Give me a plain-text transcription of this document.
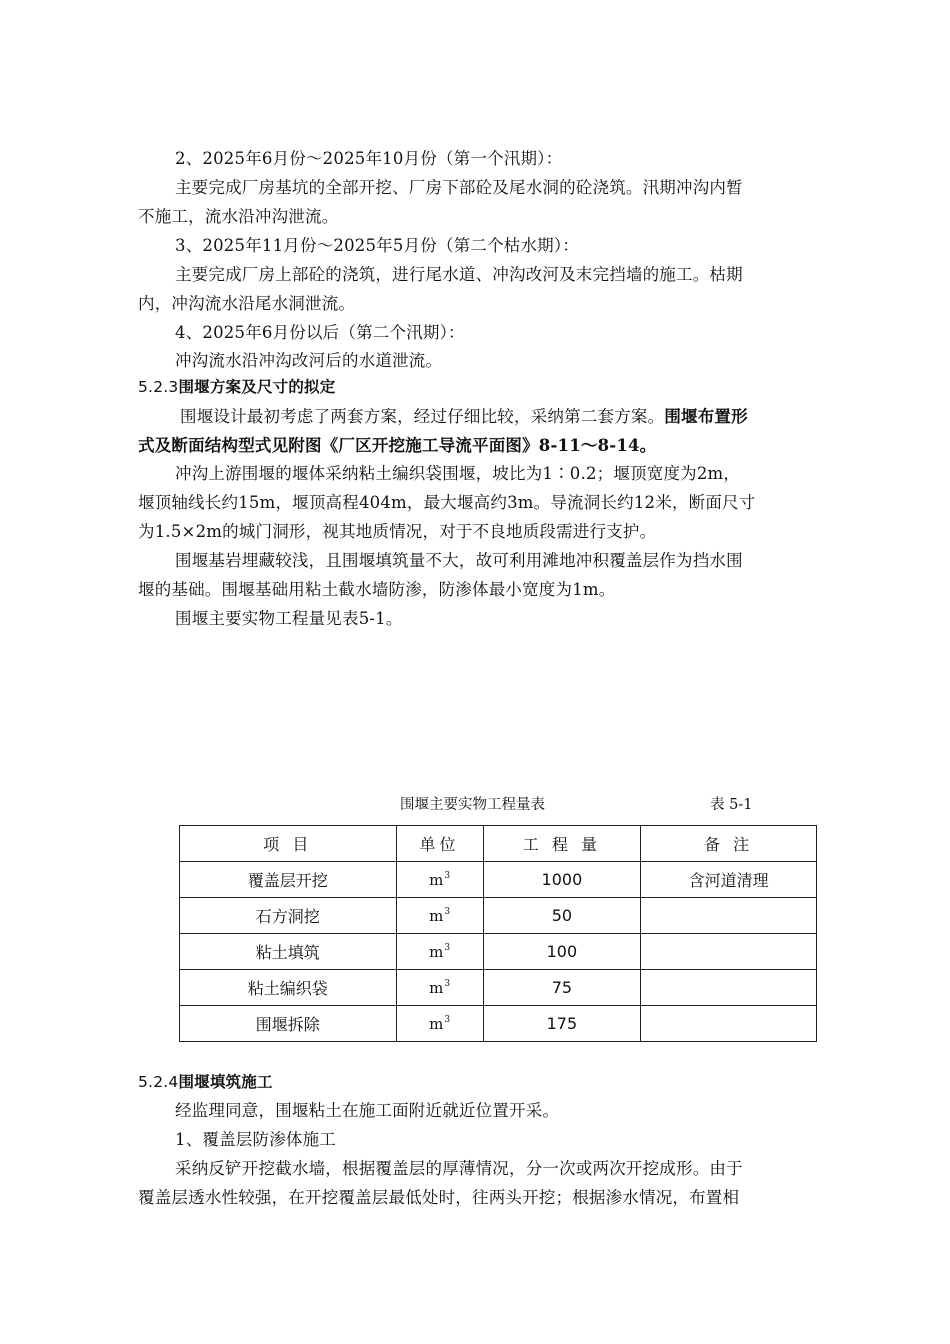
2、2025年6月份～2025年10月份（第一个汛期）：
主要完成厂房基坑的全部开挖、厂房下部砼及尾水洞的砼浇筑。汛期冲沟内暂
不施工，流水沿冲沟泄流。
3、2025年11月份～2025年5月份（第二个枯水期）：
主要完成厂房上部砼的浇筑，进行尾水道、冲沟改河及末完挡墙的施工。枯期
内，冲沟流水沿尾水洞泄流。
4、2025年6月份以后（第二个汛期）：
冲沟流水沿冲沟改河后的水道泄流。
5.2.3围堰方案及尺寸的拟定
围堰设计最初考虑了两套方案，经过仔细比较，采纳第二套方案。围堰布置形
式及断面结构型式见附图《厂区开挖施工导流平面图》8-11～8-14。
冲沟上游围堰的堰体采纳粘土编织袋围堰，坡比为1∶0.2；堰顶宽度为2m，
堰顶轴线长约15m，堰顶高程404m，最大堰高约3m。导流洞长约12米，断面尺寸
为1.5×2m的城门洞形，视其地质情况，对于不良地质段需进行支护。
围堰基岩埋藏较浅，且围堰填筑量不大，故可利用滩地冲积覆盖层作为挡水围
堰的基础。围堰基础用粘土截水墙防渗，防渗体最小宽度为1m。
围堰主要实物工程量见表5-1。
围堰主要实物工程量表	表 5-1
项 目	单位	工 程 量	备 注
覆盖层开挖	$m^3$	1000	含河道清理
石方洞挖	$m^3$	50	
粘土填筑	$m^3$	100	
粘土编织袋	$m^3$	75	
围堰拆除	$m^3$	175	
5.2.4围堰填筑施工
经监理同意，围堰粘土在施工面附近就近位置开采。
1、覆盖层防渗体施工
采纳反铲开挖截水墙，根据覆盖层的厚薄情况，分一次或两次开挖成形。由于
覆盖层透水性较强，在开挖覆盖层最低处时，往两头开挖；根据渗水情况，布置相
